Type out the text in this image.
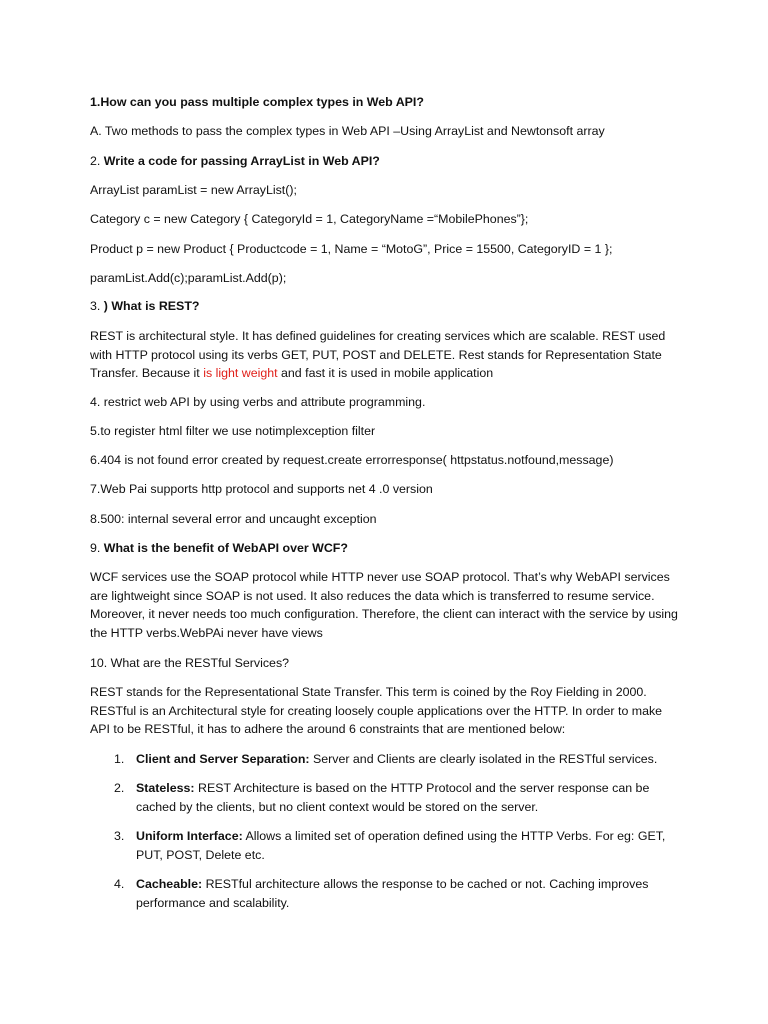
1.How can you pass multiple complex types in Web API?

A. Two methods to pass the complex types in Web API –Using ArrayList and Newtonsoft array

2. Write a code for passing ArrayList in Web API?

ArrayList paramList = new ArrayList();

Category c = new Category { CategoryId = 1, CategoryName =“MobilePhones”};

Product p = new Product { Productcode = 1, Name = “MotoG”, Price = 15500, CategoryID = 1 };

paramList.Add(c);paramList.Add(p);

3. ) What is REST?

REST is architectural style. It has defined guidelines for creating services which are scalable. REST used with HTTP protocol using its verbs GET, PUT, POST and DELETE. Rest stands for Representation State Transfer. Because it is light weight and fast it is used in mobile application

4. restrict web API by using verbs and attribute programming.

5.to register html filter we use notimplexception filter

6.404 is not found error created by request.create errorresponse( httpstatus.notfound,message)

7.Web Pai supports http protocol and supports net 4 .0 version

8.500: internal several error and uncaught exception

9. What is the benefit of WebAPI over WCF?

WCF services use the SOAP protocol while HTTP never use SOAP protocol. That’s why WebAPI services are lightweight since SOAP is not used. It also reduces the data which is transferred to resume service. Moreover, it never needs too much configuration. Therefore, the client can interact with the service by using the HTTP verbs.WebPAi never have views

10. What are the RESTful Services?

REST stands for the Representational State Transfer. This term is coined by the Roy Fielding in 2000. RESTful is an Architectural style for creating loosely couple applications over the HTTP. In order to make API to be RESTful, it has to adhere the around 6 constraints that are mentioned below:

1. Client and Server Separation: Server and Clients are clearly isolated in the RESTful services.
2. Stateless: REST Architecture is based on the HTTP Protocol and the server response can be cached by the clients, but no client context would be stored on the server.
3. Uniform Interface: Allows a limited set of operation defined using the HTTP Verbs. For eg: GET, PUT, POST, Delete etc.
4. Cacheable: RESTful architecture allows the response to be cached or not. Caching improves performance and scalability.
